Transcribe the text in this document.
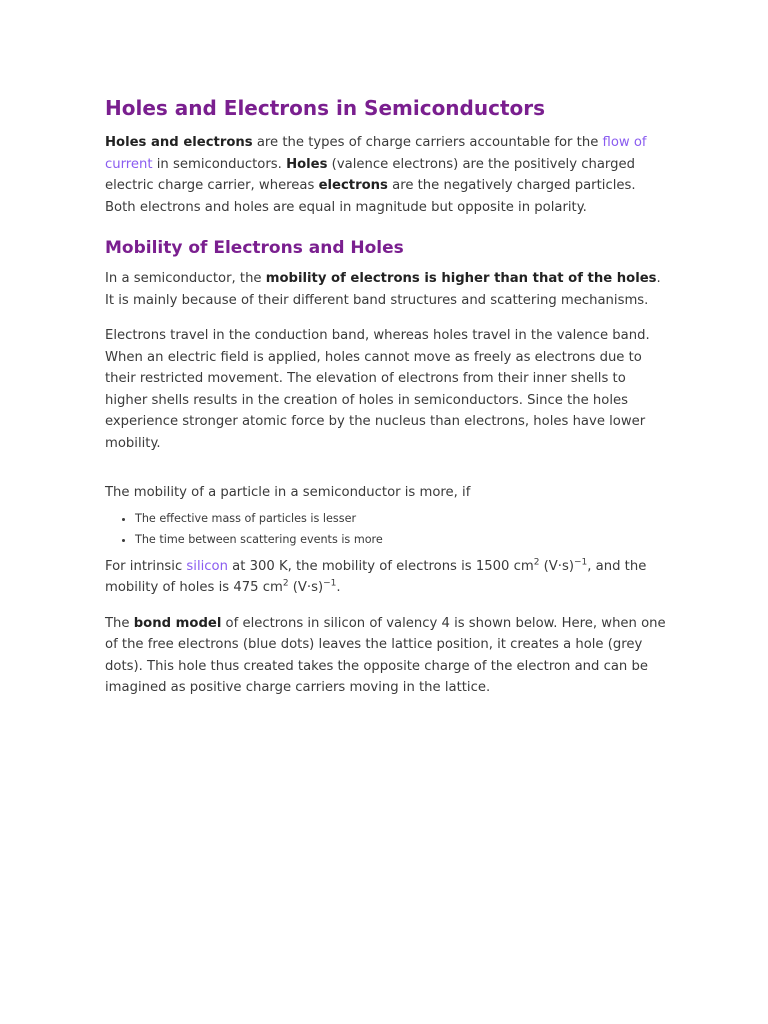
Holes and Electrons in Semiconductors

Holes and electrons are the types of charge carriers accountable for the flow of current in semiconductors. Holes (valence electrons) are the positively charged electric charge carrier, whereas electrons are the negatively charged particles. Both electrons and holes are equal in magnitude but opposite in polarity.

Mobility of Electrons and Holes

In a semiconductor, the mobility of electrons is higher than that of the holes. It is mainly because of their different band structures and scattering mechanisms.

Electrons travel in the conduction band, whereas holes travel in the valence band. When an electric field is applied, holes cannot move as freely as electrons due to their restricted movement. The elevation of electrons from their inner shells to higher shells results in the creation of holes in semiconductors. Since the holes experience stronger atomic force by the nucleus than electrons, holes have lower mobility.

The mobility of a particle in a semiconductor is more, if

• The effective mass of particles is lesser
• The time between scattering events is more

For intrinsic silicon at 300 K, the mobility of electrons is 1500 $cm^2$ $(V\cdot s)^{-1}$, and the mobility of holes is 475 $cm^2$ $(V\cdot s)^{-1}$.

The bond model of electrons in silicon of valency 4 is shown below. Here, when one of the free electrons (blue dots) leaves the lattice position, it creates a hole (grey dots). This hole thus created takes the opposite charge of the electron and can be imagined as positive charge carriers moving in the lattice.
